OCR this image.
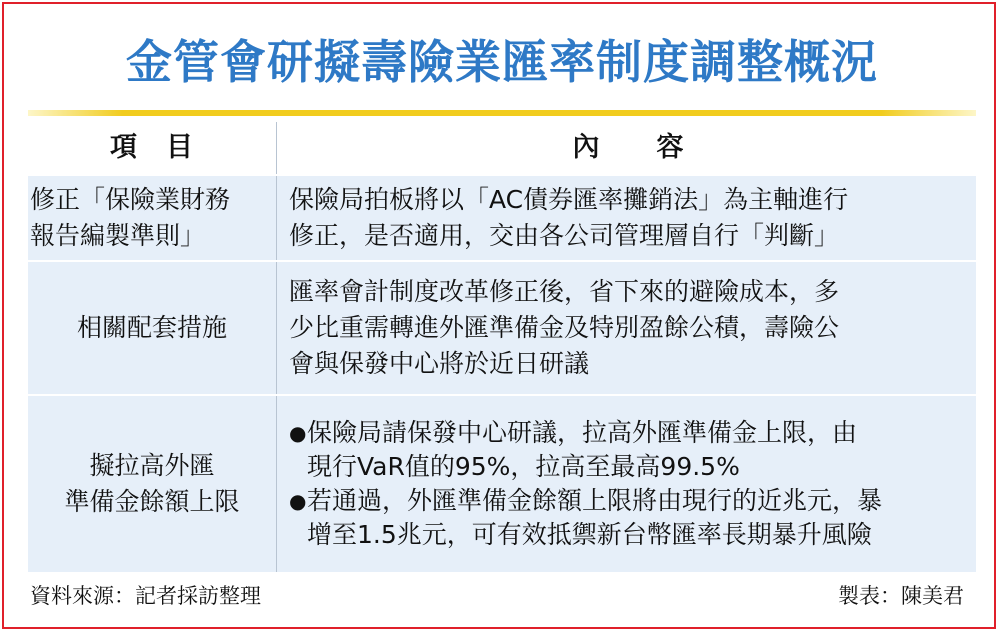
金管會研擬壽險業匯率制度調整概況
項　目	內　　容
修正「保險業財務
報告編製準則」
保險局拍板將以「AC債券匯率攤銷法」為主軸進行
修正，是否適用，交由各公司管理層自行「判斷」
相關配套措施
匯率會計制度改革修正後，省下來的避險成本，多
少比重需轉進外匯準備金及特別盈餘公積，壽險公
會與保發中心將於近日研議
擬拉高外匯
準備金餘額上限
● 保險局請保發中心研議，拉高外匯準備金上限，由
現行VaR值的95%，拉高至最高99.5%
● 若通過，外匯準備金餘額上限將由現行的近兆元，暴
增至1.5兆元，可有效抵禦新台幣匯率長期暴升風險
資料來源：記者採訪整理	製表：陳美君
